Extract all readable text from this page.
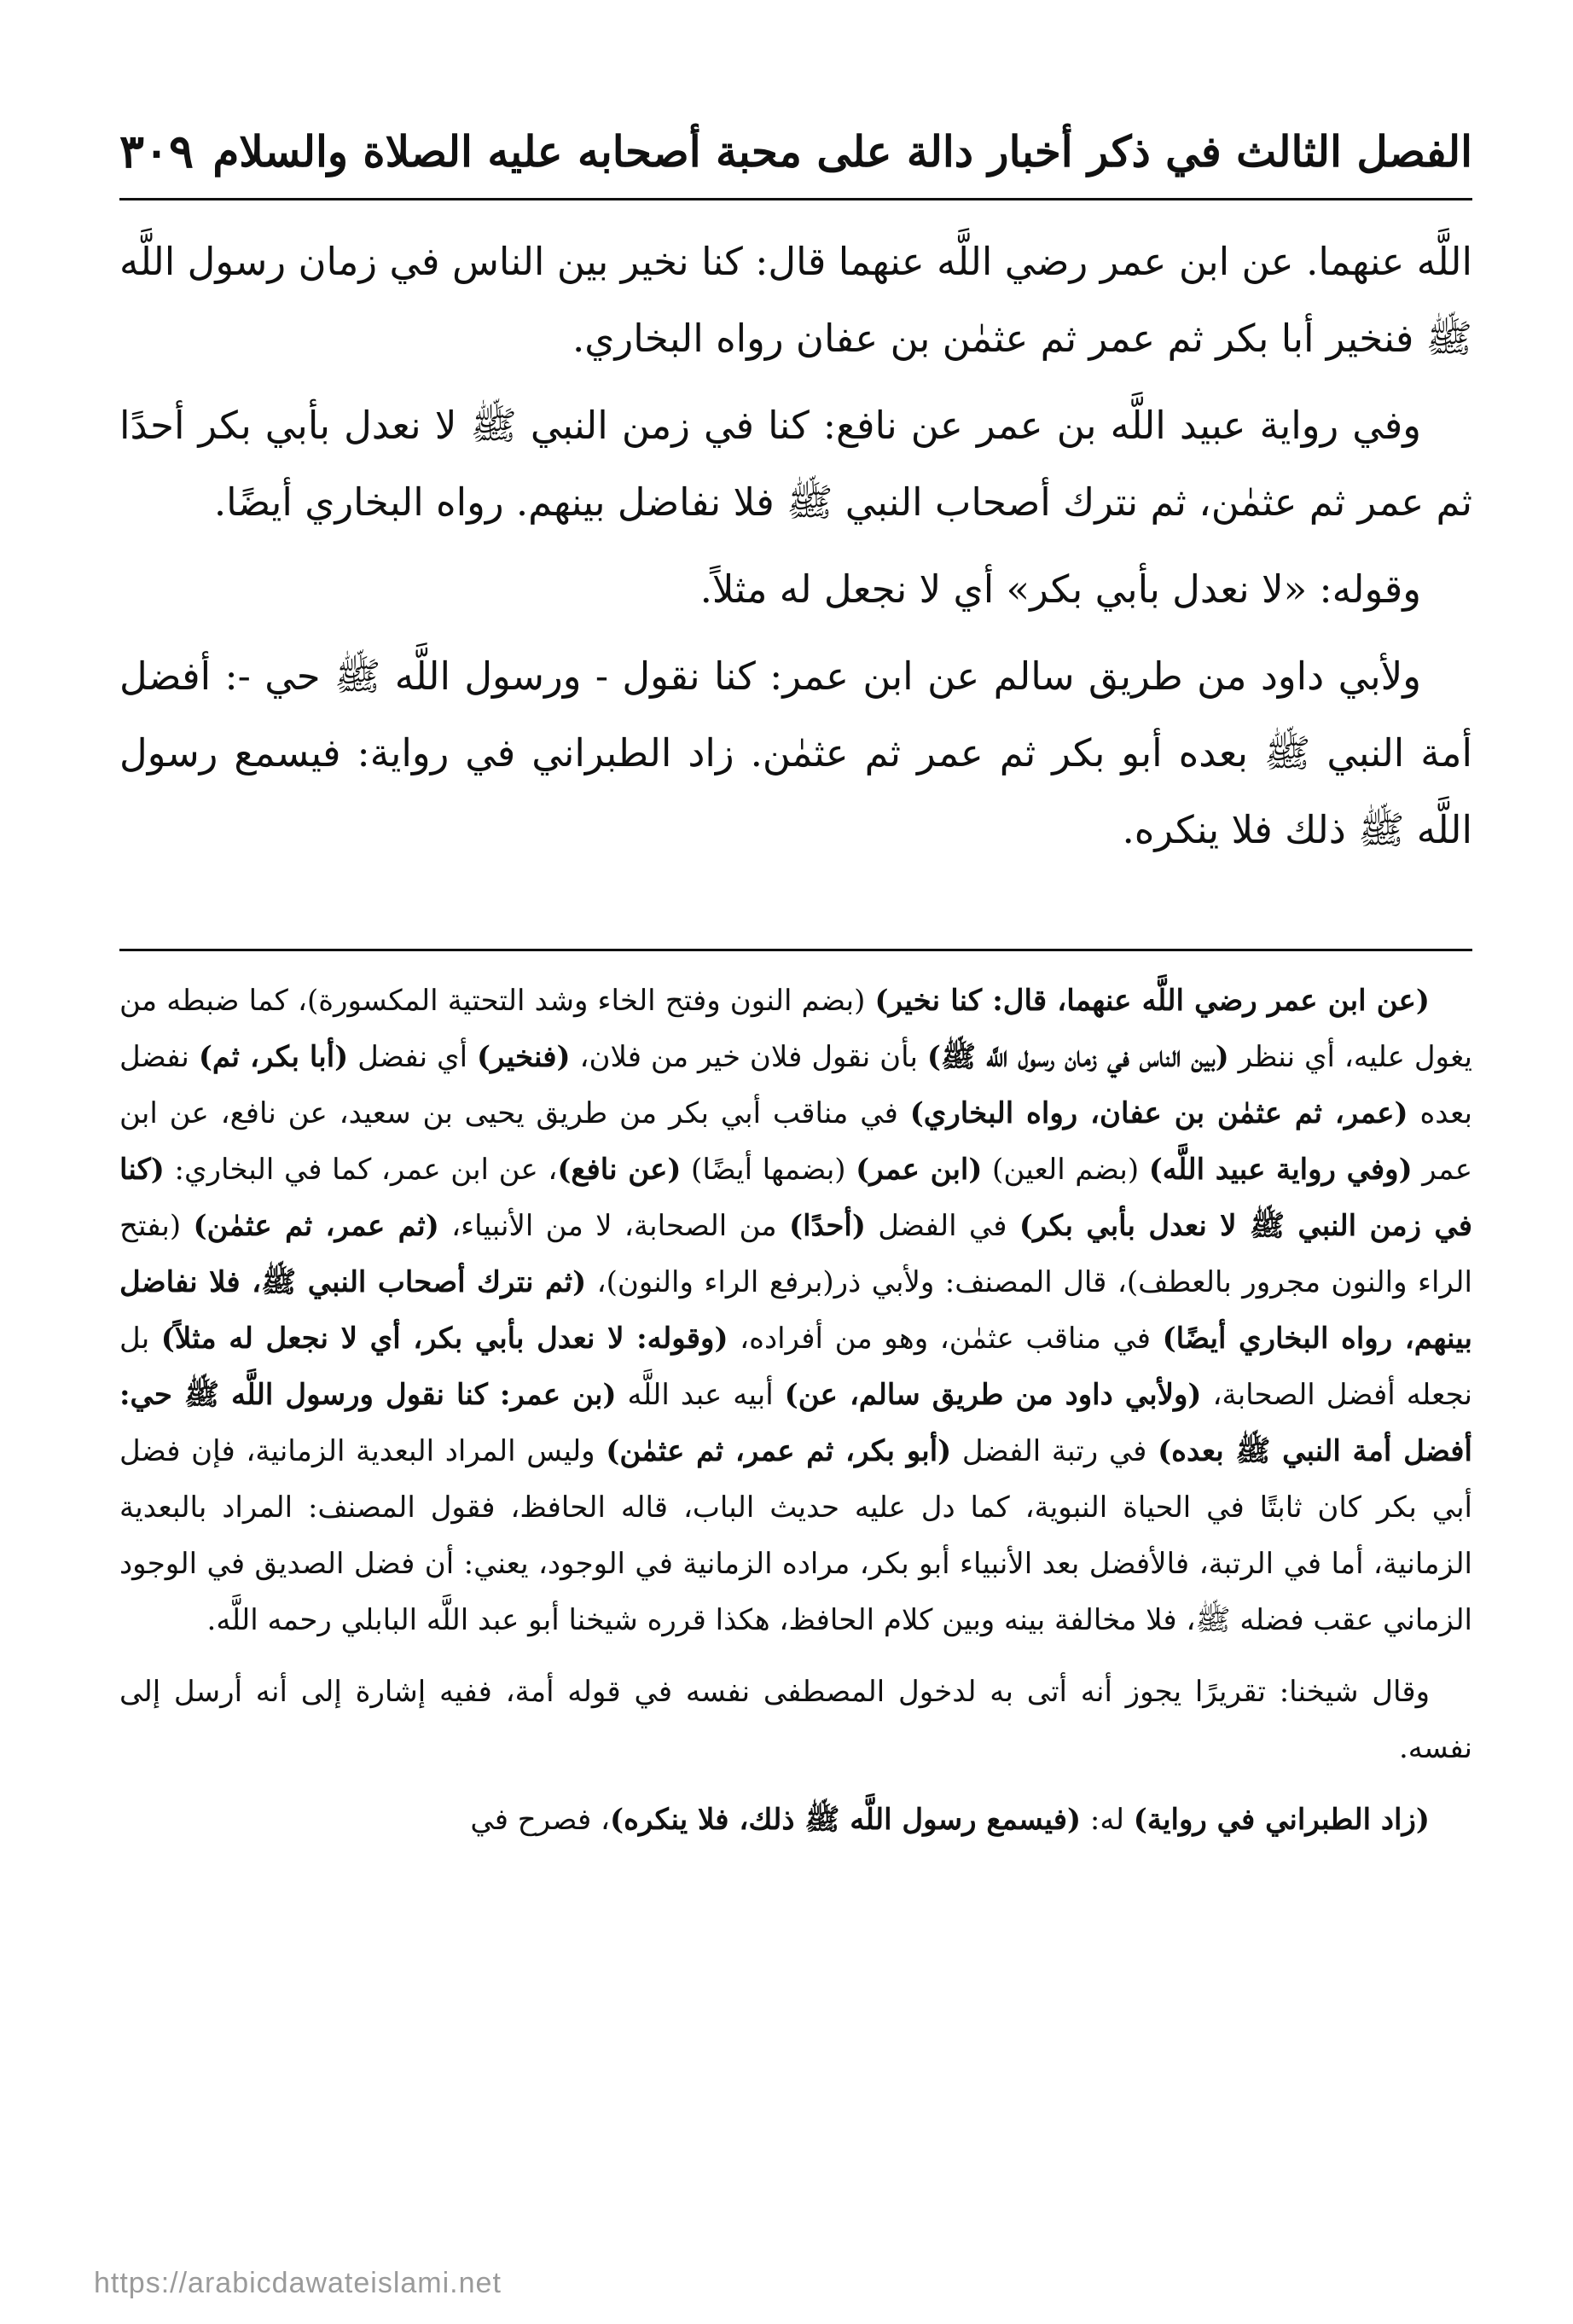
الفصل الثالث في ذكر أخبار دالة على محبة أصحابه عليه الصلاة والسلام
٣٠٩

اللَّه عنهما. عن ابن عمر رضي اللَّه عنهما قال: كنا نخير بين الناس في زمان رسول اللَّه ﷺ فنخير أبا بكر ثم عمر ثم عثمٰن بن عفان رواه البخاري.

وفي رواية عبيد اللَّه بن عمر عن نافع: كنا في زمن النبي ﷺ لا نعدل بأبي بكر أحدًا ثم عمر ثم عثمٰن، ثم نترك أصحاب النبي ﷺ فلا نفاضل بينهم. رواه البخاري أيضًا.

وقوله: «لا نعدل بأبي بكر» أي لا نجعل له مثلاً.

ولأبي داود من طريق سالم عن ابن عمر: كنا نقول - ورسول اللَّه ﷺ حي -: أفضل أمة النبي ﷺ بعده أبو بكر ثم عمر ثم عثمٰن. زاد الطبراني في رواية: فيسمع رسول اللَّه ﷺ ذلك فلا ينكره.

(عن ابن عمر رضي اللَّه عنهما، قال: كنا نخير) (بضم النون وفتح الخاء وشد التحتية المكسورة)، كما ضبطه من يغول عليه، أي ننظر (بين الناس في زمان رسول اللَّه ﷺ) بأن نقول فلان خير من فلان، (فنخير) أي نفضل (أبا بكر، ثم) نفضل بعده (عمر، ثم عثمٰن بن عفان، رواه البخاري) في مناقب أبي بكر من طريق يحيى بن سعيد، عن نافع، عن ابن عمر (وفي رواية عبيد اللَّه) (بضم العين) (ابن عمر) (بضمها أيضًا) (عن نافع)، عن ابن عمر، كما في البخاري: (كنا في زمن النبي ﷺ لا نعدل بأبي بكر) في الفضل (أحدًا) من الصحابة، لا من الأنبياء، (ثم عمر، ثم عثمٰن) (بفتح الراء والنون مجرور بالعطف)، قال المصنف: ولأبي ذر(برفع الراء والنون)، (ثم نترك أصحاب النبي ﷺ، فلا نفاضل بينهم، رواه البخاري أيضًا) في مناقب عثمٰن، وهو من أفراده، (وقوله: لا نعدل بأبي بكر، أي لا نجعل له مثلاً) بل نجعله أفضل الصحابة، (ولأبي داود من طريق سالم، عن) أبيه عبد اللَّه (بن عمر: كنا نقول ورسول اللَّه ﷺ حي: أفضل أمة النبي ﷺ بعده) في رتبة الفضل (أبو بكر، ثم عمر، ثم عثمٰن) وليس المراد البعدية الزمانية، فإن فضل أبي بكر كان ثابتًا في الحياة النبوية، كما دل عليه حديث الباب، قاله الحافظ، فقول المصنف: المراد بالبعدية الزمانية، أما في الرتبة، فالأفضل بعد الأنبياء أبو بكر، مراده الزمانية في الوجود، يعني: أن فضل الصديق في الوجود الزماني عقب فضله ﷺ، فلا مخالفة بينه وبين كلام الحافظ، هكذا قرره شيخنا أبو عبد اللَّه البابلي رحمه اللَّه.

وقال شيخنا: تقريرًا يجوز أنه أتى به لدخول المصطفى نفسه في قوله أمة، ففيه إشارة إلى أنه أرسل إلى نفسه.

(زاد الطبراني في رواية) له: (فيسمع رسول اللَّه ﷺ ذلك، فلا ينكره)، فصرح في

https://arabicdawateislami.net
